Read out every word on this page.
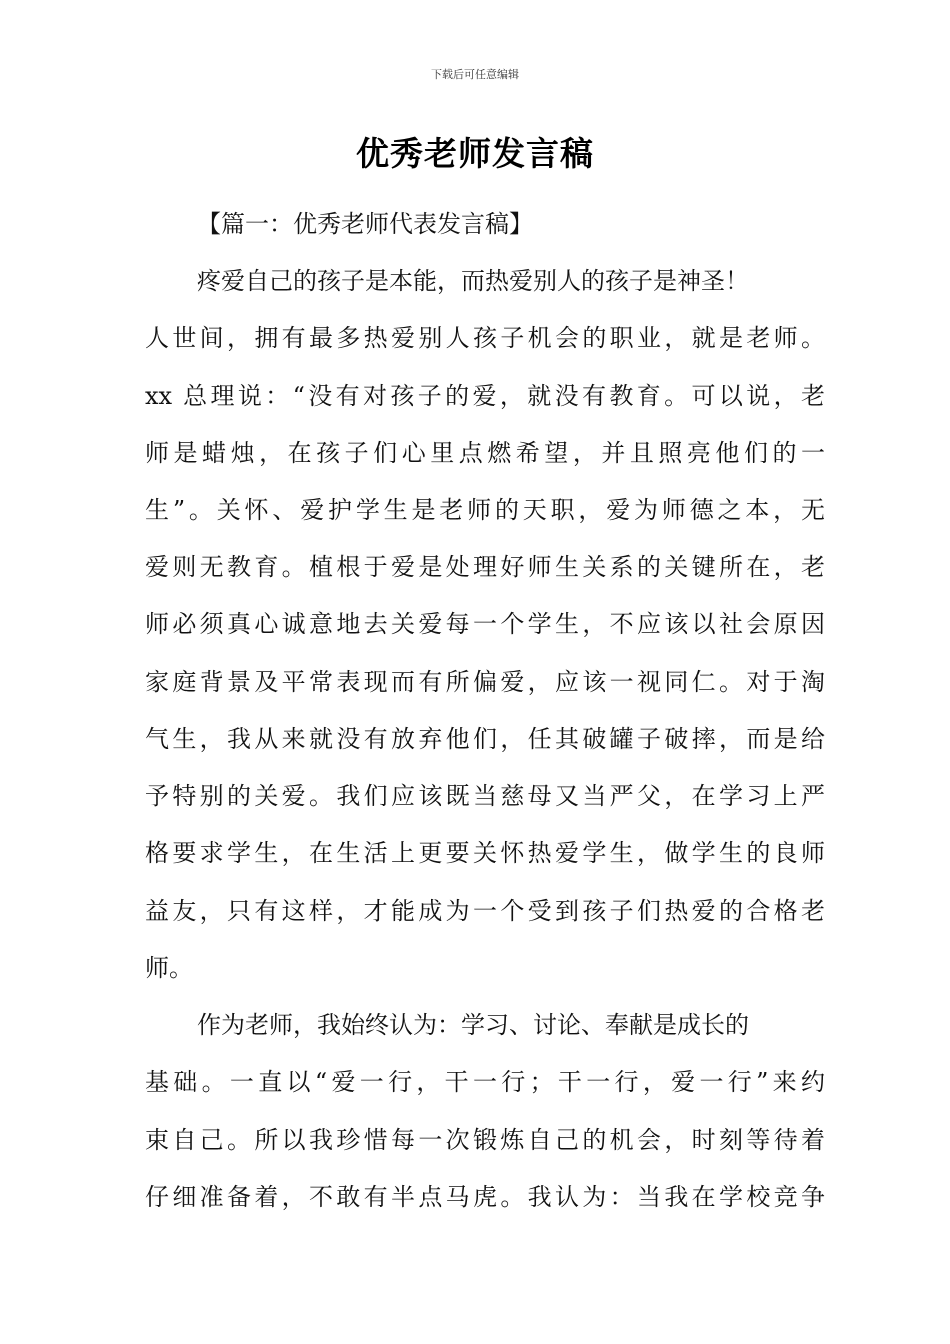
下载后可任意编辑
优秀老师发言稿
【篇一：优秀老师代表发言稿】
疼爱自己的孩子是本能，而热爱别人的孩子是神圣！
人世间，拥有最多热爱别人孩子机会的职业，就是老师。
xx 总理说：“没有对孩子的爱，就没有教育。可以说，老
师是蜡烛，在孩子们心里点燃希望，并且照亮他们的一
生”。关怀、爱护学生是老师的天职，爱为师德之本，无
爱则无教育。植根于爱是处理好师生关系的关键所在，老
师必须真心诚意地去关爱每一个学生，不应该以社会原因
家庭背景及平常表现而有所偏爱，应该一视同仁。对于淘
气生，我从来就没有放弃他们，任其破罐子破摔，而是给
予特别的关爱。我们应该既当慈母又当严父，在学习上严
格要求学生，在生活上更要关怀热爱学生，做学生的良师
益友，只有这样，才能成为一个受到孩子们热爱的合格老
师。
作为老师，我始终认为：学习、讨论、奉献是成长的
基础。一直以“爱一行，干一行；干一行，爱一行”来约
束自己。所以我珍惜每一次锻炼自己的机会，时刻等待着
仔细准备着，不敢有半点马虎。我认为：当我在学校竞争
